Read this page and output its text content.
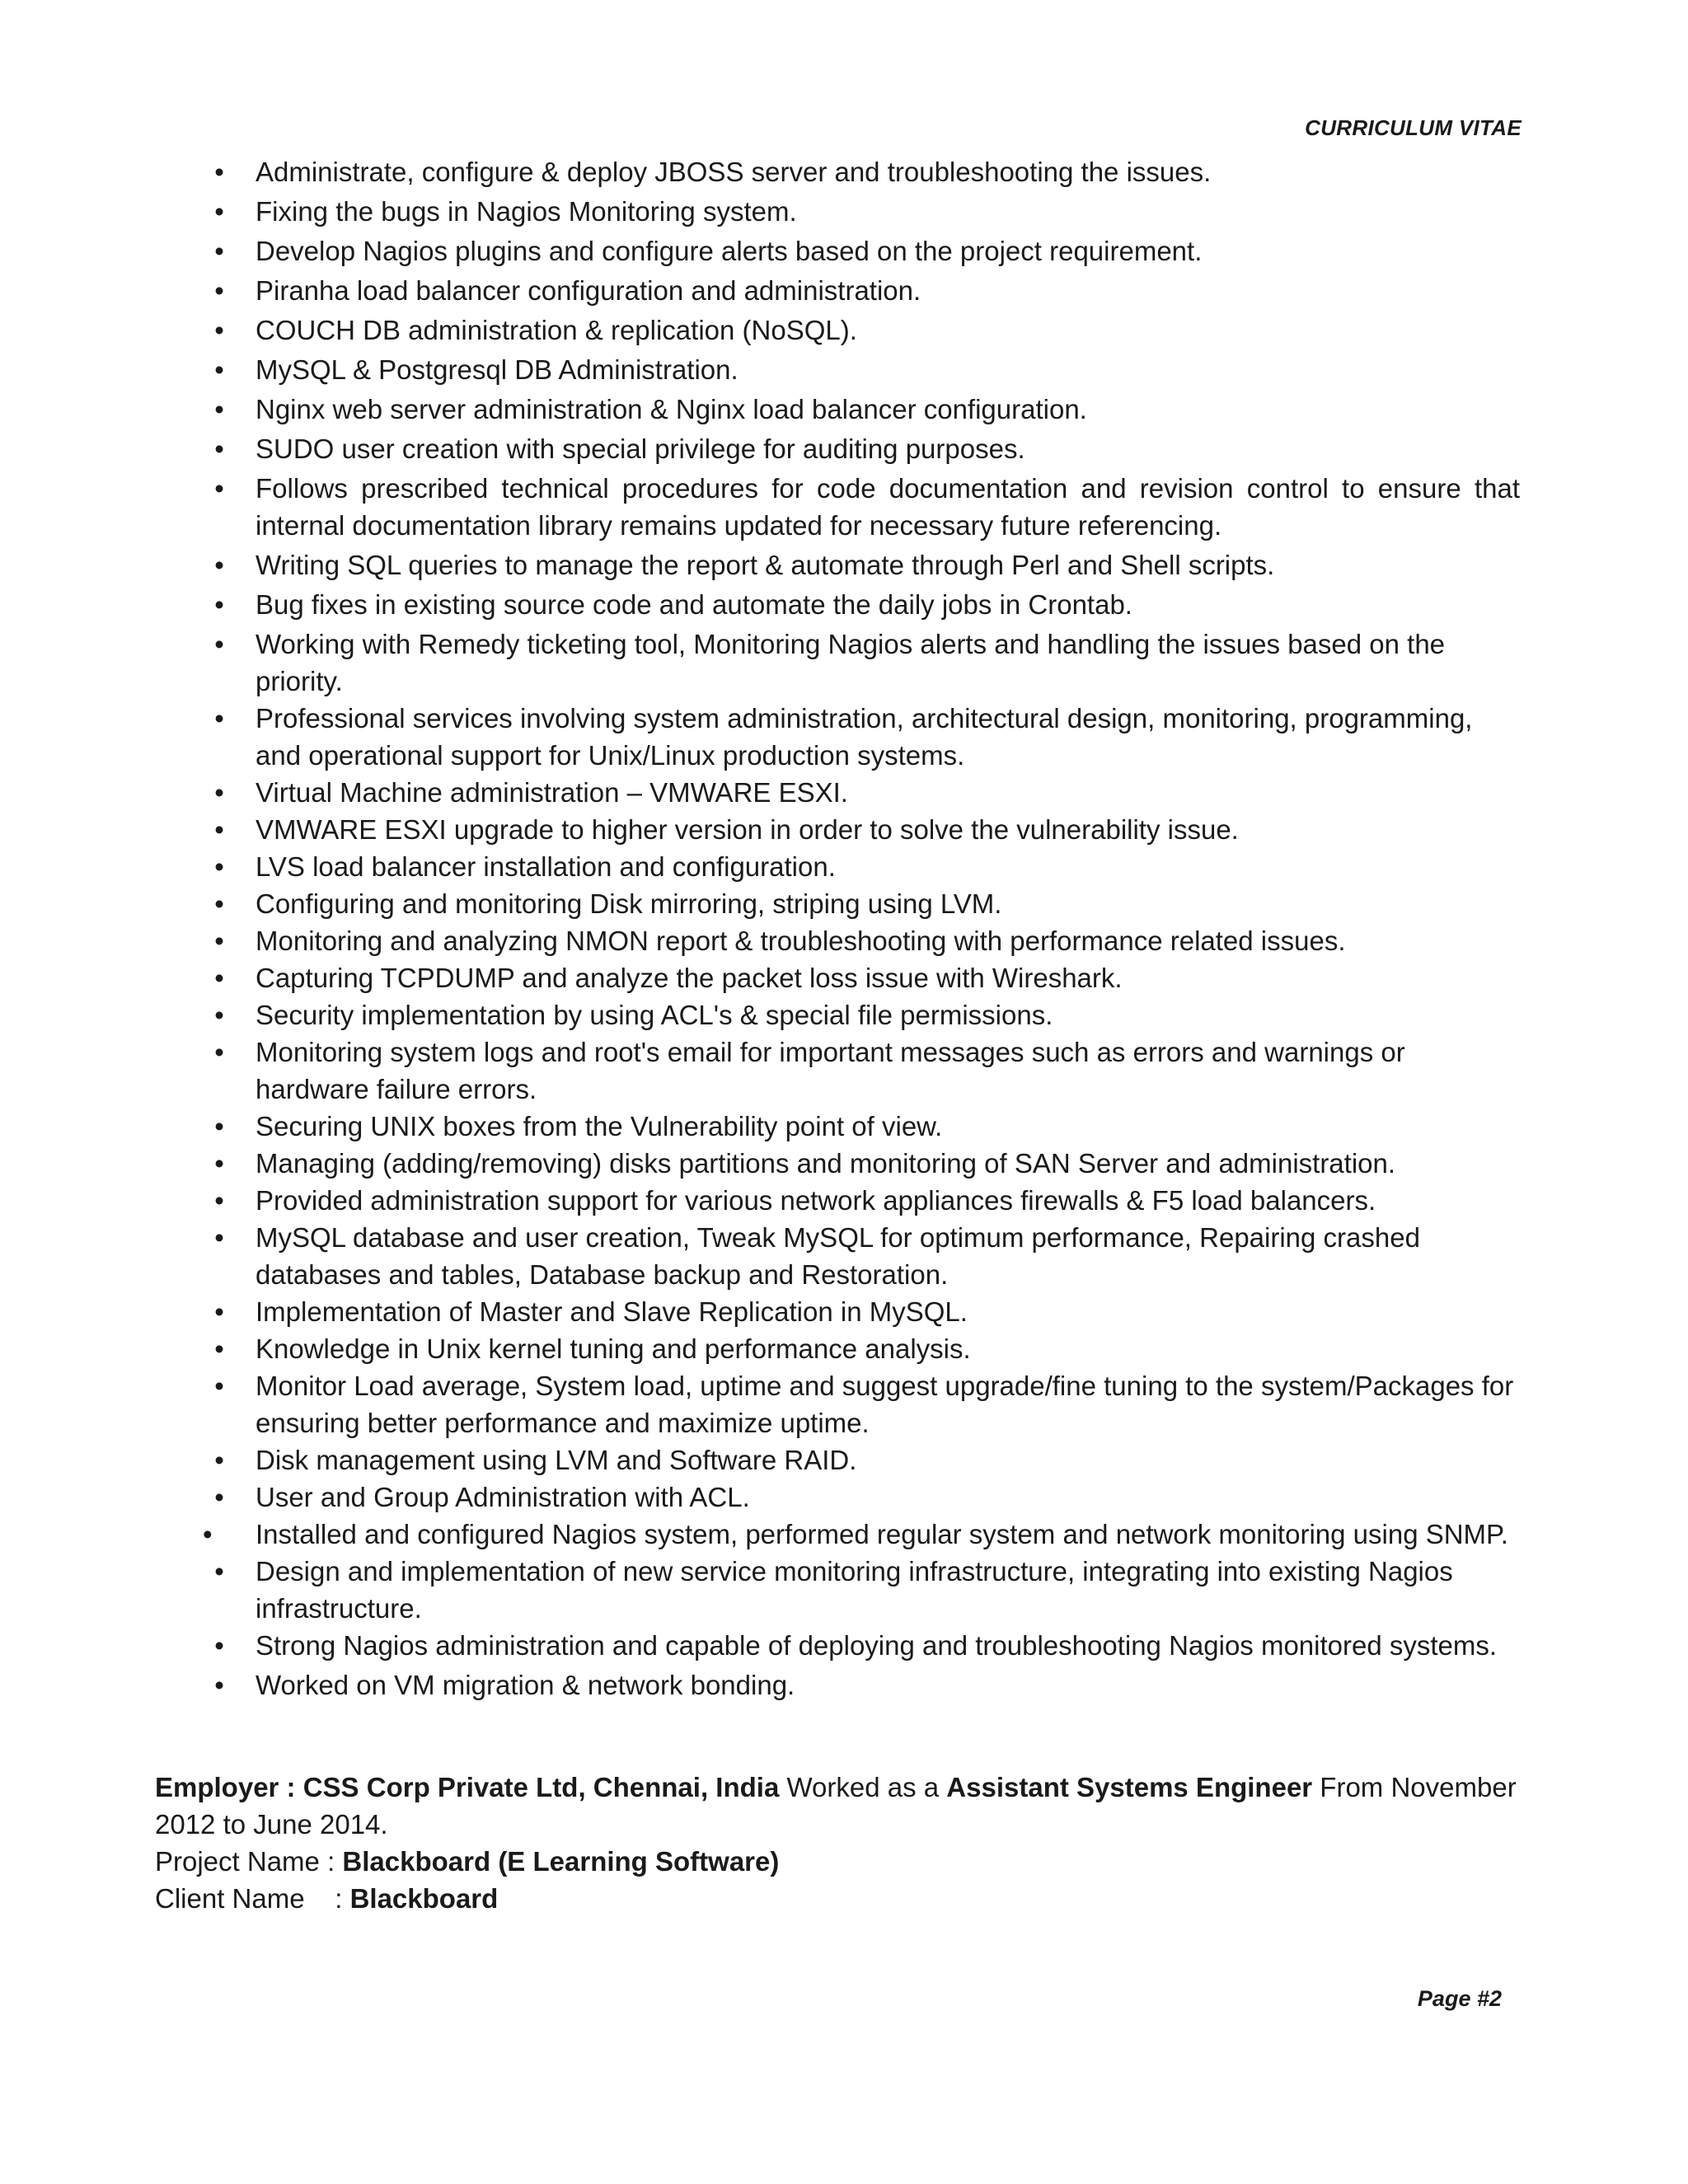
CURRICULUM VITAE
•	Administrate, configure & deploy JBOSS server and troubleshooting the issues.
•	Fixing the bugs in Nagios Monitoring system.
•	Develop Nagios plugins and configure alerts based on the project requirement.
•	Piranha load balancer configuration and administration.
•	COUCH DB administration & replication (NoSQL).
•	MySQL & Postgresql DB Administration.
•	Nginx web server administration & Nginx load balancer configuration.
•	SUDO user creation with special privilege for auditing purposes.
•	Follows prescribed technical procedures for code documentation and revision control to ensure that internal documentation library remains updated for necessary future referencing.
•	Writing SQL queries to manage the report & automate through Perl and Shell scripts.
•	Bug fixes in existing source code and automate the daily jobs in Crontab.
•	Working with Remedy ticketing tool, Monitoring Nagios alerts and handling the issues based on the priority.
•	Professional services involving system administration, architectural design, monitoring, programming, and operational support for Unix/Linux production systems.
•	Virtual Machine administration – VMWARE ESXI.
•	VMWARE ESXI upgrade to higher version in order to solve the vulnerability issue.
•	LVS load balancer installation and configuration.
•	Configuring and monitoring Disk mirroring, striping using LVM.
•	Monitoring and analyzing NMON report & troubleshooting with performance related issues.
•	Capturing TCPDUMP and analyze the packet loss issue with Wireshark.
•	Security implementation by using ACL's & special file permissions.
•	Monitoring system logs and root's email for important messages such as errors and warnings or hardware failure errors.
•	Securing UNIX boxes from the Vulnerability point of view.
•	Managing (adding/removing) disks partitions and monitoring of SAN Server and administration.
•	Provided administration support for various network appliances firewalls & F5 load balancers.
•	MySQL database and user creation, Tweak MySQL for optimum performance, Repairing crashed databases and tables, Database backup and Restoration.
•	Implementation of Master and Slave Replication in MySQL.
•	Knowledge in Unix kernel tuning and performance analysis.
•	Monitor Load average, System load, uptime and suggest upgrade/fine tuning to the system/Packages for ensuring better performance and maximize uptime.
•	Disk management using LVM and Software RAID.
•	User and Group Administration with ACL.
• Installed and configured Nagios system, performed regular system and network monitoring using SNMP.
•	Design and implementation of new service monitoring infrastructure, integrating into existing Nagios infrastructure.
•	Strong Nagios administration and capable of deploying and troubleshooting Nagios monitored systems.
•	Worked on VM migration & network bonding.

Employer : CSS Corp Private Ltd, Chennai, India Worked as a Assistant Systems Engineer From November 2012 to June 2014.

Project Name : Blackboard (E Learning Software)

Client Name    : Blackboard

Page #2
